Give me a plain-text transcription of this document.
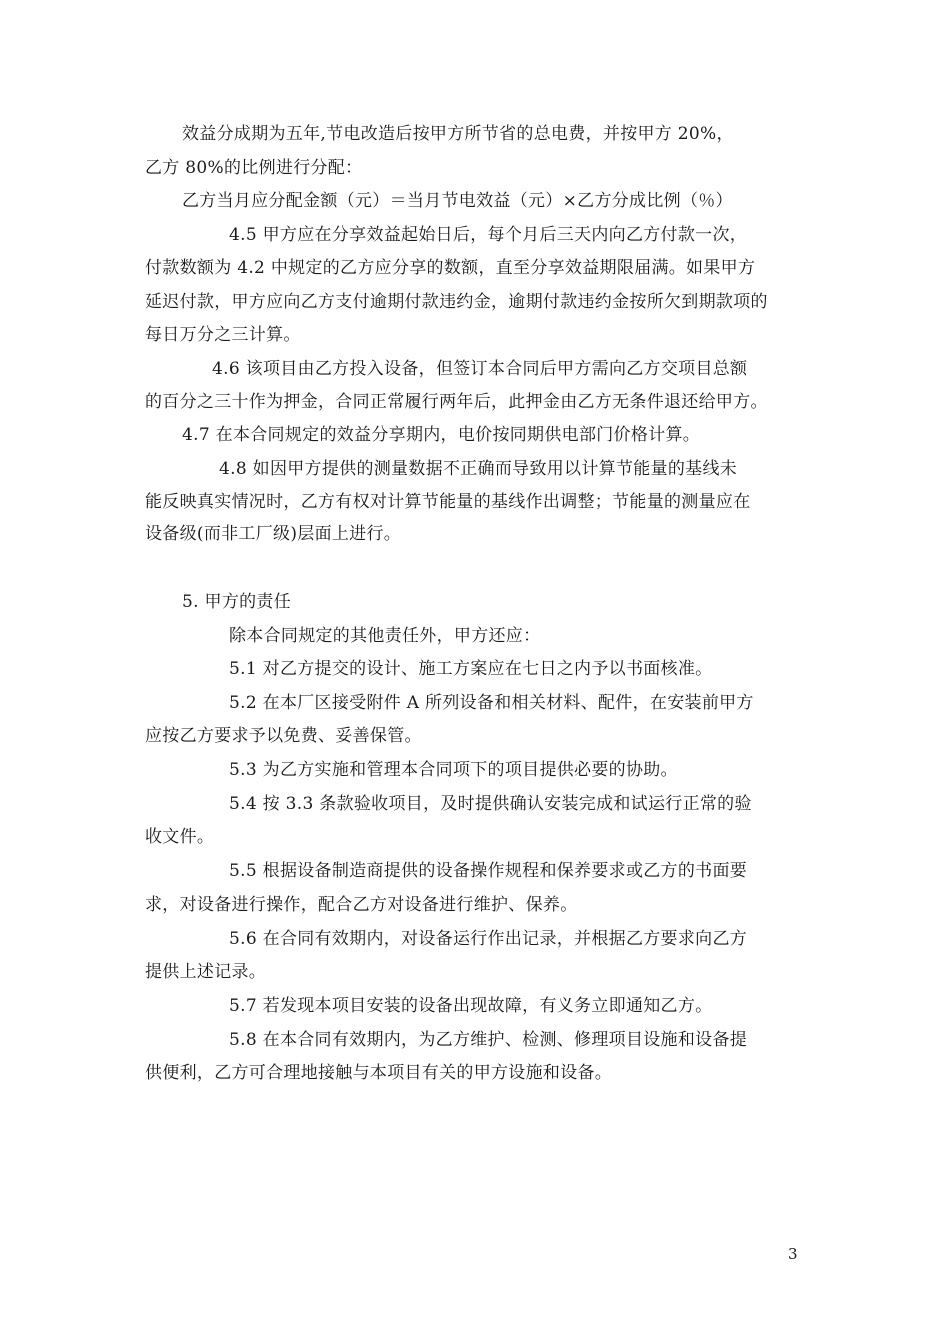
效益分成期为五年,节电改造后按甲方所节省的总电费，并按甲方 20%，
乙方 80%的比例进行分配：
乙方当月应分配金额（元）＝当月节电效益（元）×乙方分成比例（％）
4.5 甲方应在分享效益起始日后，每个月后三天内向乙方付款一次，
付款数额为 4.2 中规定的乙方应分享的数额，直至分享效益期限届满。如果甲方
延迟付款，甲方应向乙方支付逾期付款违约金，逾期付款违约金按所欠到期款项的
每日万分之三计算。
4.6 该项目由乙方投入设备，但签订本合同后甲方需向乙方交项目总额
的百分之三十作为押金，合同正常履行两年后，此押金由乙方无条件退还给甲方。
4.7 在本合同规定的效益分享期内，电价按同期供电部门价格计算。
4.8 如因甲方提供的测量数据不正确而导致用以计算节能量的基线未
能反映真实情况时，乙方有权对计算节能量的基线作出调整；节能量的测量应在
设备级(而非工厂级)层面上进行。
5. 甲方的责任
除本合同规定的其他责任外，甲方还应：
5.1 对乙方提交的设计、施工方案应在七日之内予以书面核准。
5.2 在本厂区接受附件 A 所列设备和相关材料、配件，在安装前甲方
应按乙方要求予以免费、妥善保管。
5.3 为乙方实施和管理本合同项下的项目提供必要的协助。
5.4 按 3.3 条款验收项目，及时提供确认安装完成和试运行正常的验
收文件。
5.5 根据设备制造商提供的设备操作规程和保养要求或乙方的书面要
求，对设备进行操作，配合乙方对设备进行维护、保养。
5.6 在合同有效期内，对设备运行作出记录，并根据乙方要求向乙方
提供上述记录。
5.7 若发现本项目安装的设备出现故障，有义务立即通知乙方。
5.8 在本合同有效期内，为乙方维护、检测、修理项目设施和设备提
供便利，乙方可合理地接触与本项目有关的甲方设施和设备。
3
